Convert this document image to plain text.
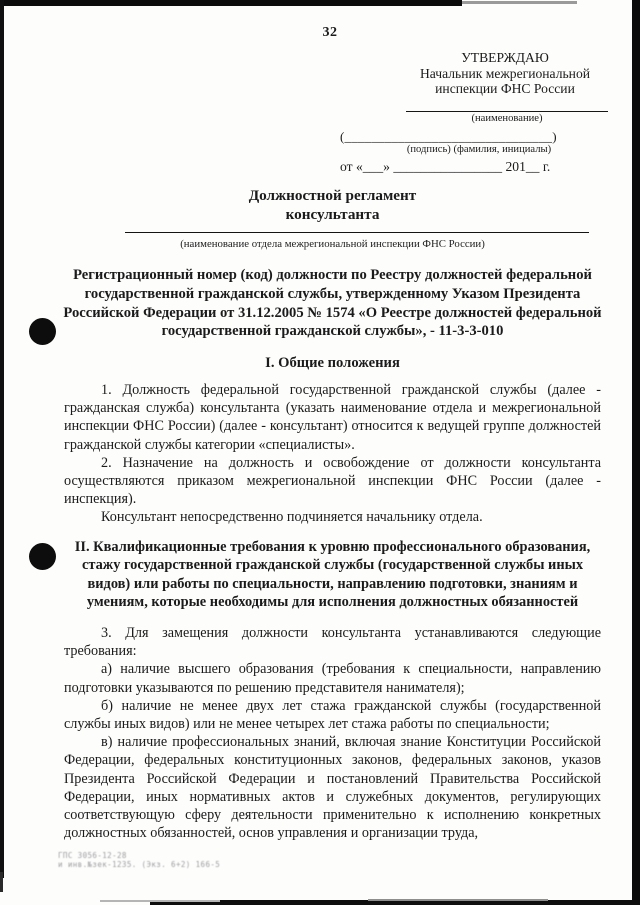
32
УТВЕРЖДАЮ
Начальник межрегиональной
инспекции ФНС России
(наименование)
(_______________________________)
(подпись) (фамилия, инициалы)
от «___» ________________ 201__ г.
Должностной регламент
консультанта
(наименование отдела межрегиональной инспекции ФНС России)
Регистрационный номер (код) должности по Реестру должностей федеральной государственной гражданской службы, утвержденному Указом Президента Российской Федерации от 31.12.2005 № 1574 «О Реестре должностей федеральной государственной гражданской службы», - 11-3-3-010
I. Общие положения

1. Должность федеральной государственной гражданской службы (далее - гражданская служба) консультанта (указать наименование отдела и межрегиональной инспекции ФНС России) (далее - консультант) относится к ведущей группе должностей гражданской службы категории «специалисты».

2. Назначение на должность и освобождение от должности консультанта осуществляются приказом межрегиональной инспекции ФНС России (далее - инспекция).

Консультант непосредственно подчиняется начальнику отдела.

II. Квалификационные требования к уровню профессионального образования, стажу государственной гражданской службы (государственной службы иных видов) или работы по специальности, направлению подготовки, знаниям и умениям, которые необходимы для исполнения должностных обязанностей

3. Для замещения должности консультанта устанавливаются следующие требования:

а) наличие высшего образования (требования к специальности, направлению подготовки указываются по решению представителя нанимателя);

б) наличие не менее двух лет стажа гражданской службы (государственной службы иных видов) или не менее четырех лет стажа работы по специальности;

в) наличие профессиональных знаний, включая знание Конституции Российской Федерации, федеральных конституционных законов, федеральных законов, указов Президента Российской Федерации и постановлений Правительства Российской Федерации, иных нормативных актов и служебных документов, регулирующих соответствующую сферу деятельности применительно к исполнению конкретных должностных обязанностей, основ управления и организации труда,

ГПС 3056-12-28
и инв.№зек-1235. (Экз. 6+2) 166-5
